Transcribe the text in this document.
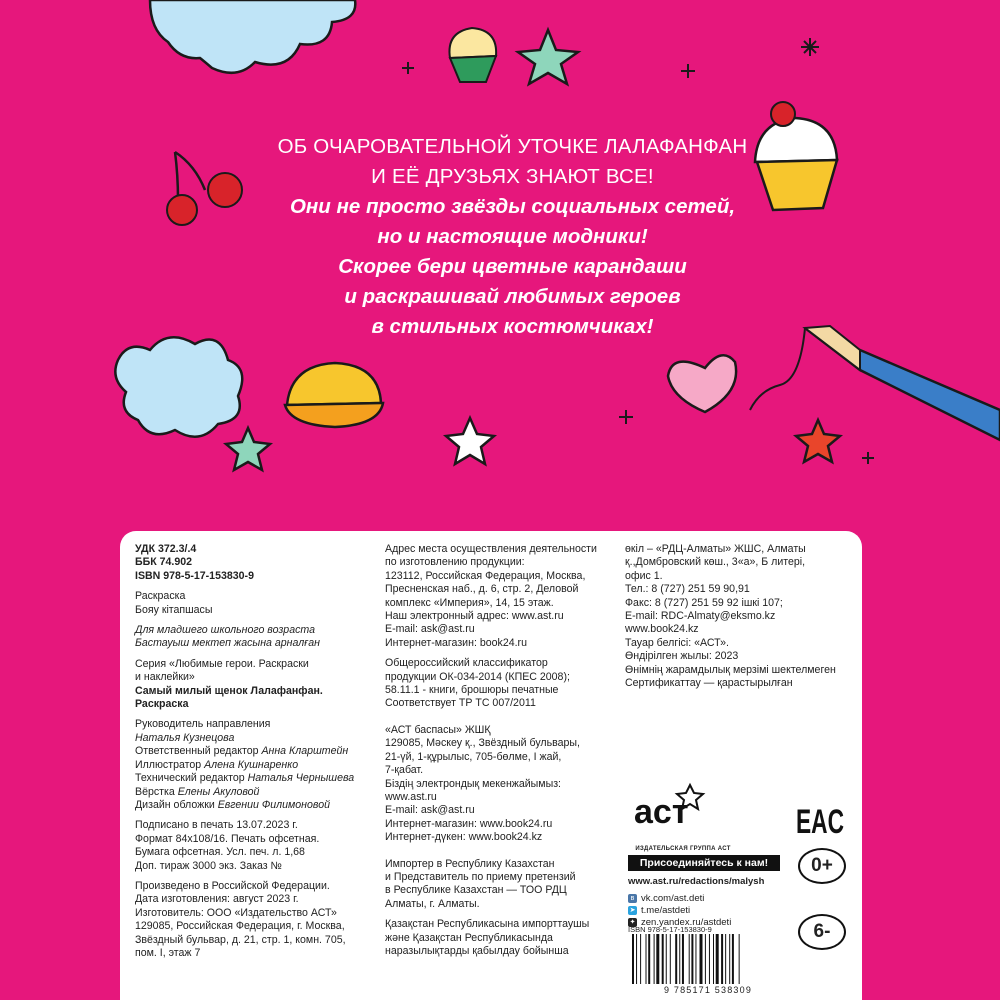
ОБ ОЧАРОВАТЕЛЬНОЙ УТОЧКЕ ЛАЛАФАНФАН
И ЕЁ ДРУЗЬЯХ ЗНАЮТ ВСЕ!
Они не просто звёзды социальных сетей,
но и настоящие модники!
Скорее бери цветные карандаши
и раскрашивай любимых героев
в стильных костюмчиках!
УДК 372.3/.4
ББК 74.902
ISBN 978-5-17-153830-9
Раскраска
Бояу кітапшасы
Для младшего школьного возраста
Бастауыш мектеп жасына арналған
Серия «Любимые герои. Раскраски
и наклейки»
Самый милый щенок Лалафанфан.
Раскраска
Руководитель направления
Наталья Кузнецова
Ответственный редактор Анна Кларштейн
Иллюстратор Алена Кушнаренко
Технический редактор Наталья Чернышева
Вёрстка Елены Акуловой
Дизайн обложки Евгении Филимоновой
Подписано в печать 13.07.2023 г.
Формат 84х108/16. Печать офсетная.
Бумага офсетная. Усл. печ. л. 1,68
Доп. тираж 3000 экз. Заказ №
Произведено в Российской Федерации.
Дата изготовления: август 2023 г.
Изготовитель: ООО «Издательство АСТ»
129085, Российская Федерация, г. Москва,
Звёздный бульвар, д. 21, стр. 1, комн. 705,
пом. I, этаж 7
Адрес места осуществления деятельности
по изготовлению продукции:
123112, Российская Федерация, Москва,
Пресненская наб., д. 6, стр. 2, Деловой
комплекс «Империя», 14, 15 этаж.
Наш электронный адрес: www.ast.ru
E-mail: ask@ast.ru
Интернет-магазин: book24.ru
Общероссийский классификатор
продукции ОК-034-2014 (КПЕС 2008);
58.11.1 - книги, брошюры печатные
Соответствует ТР ТС 007/2011
«АСТ баспасы» ЖШҚ
129085, Мәскеу қ., Звёздный бульвары,
21-үй, 1-құрылыс, 705-бөлме, I жай,
7-қабат.
Біздің электрондық мекенжайымыз:
www.ast.ru
E-mail: ask@ast.ru
Интернет-магазин: www.book24.ru
Интернет-дүкен: www.book24.kz
Импортер в Республику Казахстан
и Представитель по приему претензий
в Республике Казахстан — ТОО РДЦ
Алматы, г. Алматы.
Қазақстан Республикасына импорттаушы
және Қазақстан Республикасында
наразылықтарды қабылдау бойынша
өкіл – «РДЦ-Алматы» ЖШС, Алматы
қ.,Домбровский көш., 3«а», Б литері,
офис 1.
Тел.: 8 (727) 251 59 90,91
Факс: 8 (727) 251 59 92 ішкі 107;
E-mail: RDC-Almaty@eksmo.kz
www.book24.kz
Тауар белгісі: «АСТ».
Өндірілген жылы: 2023
Өнімнің жарамдылық мерзімі шектелмеген
Сертификаттау — қарастырылған
аст
ИЗДАТЕЛЬСКАЯ ГРУППА АСТ
Присоединяйтесь к нам!
www.ast.ru/redactions/malysh
в vk.com/ast.deti
➤ t.me/astdeti
✦ zen.yandex.ru/astdeti
EAC
0+
6-
ISBN 978-5-17-153830-9
9 785171 538309
